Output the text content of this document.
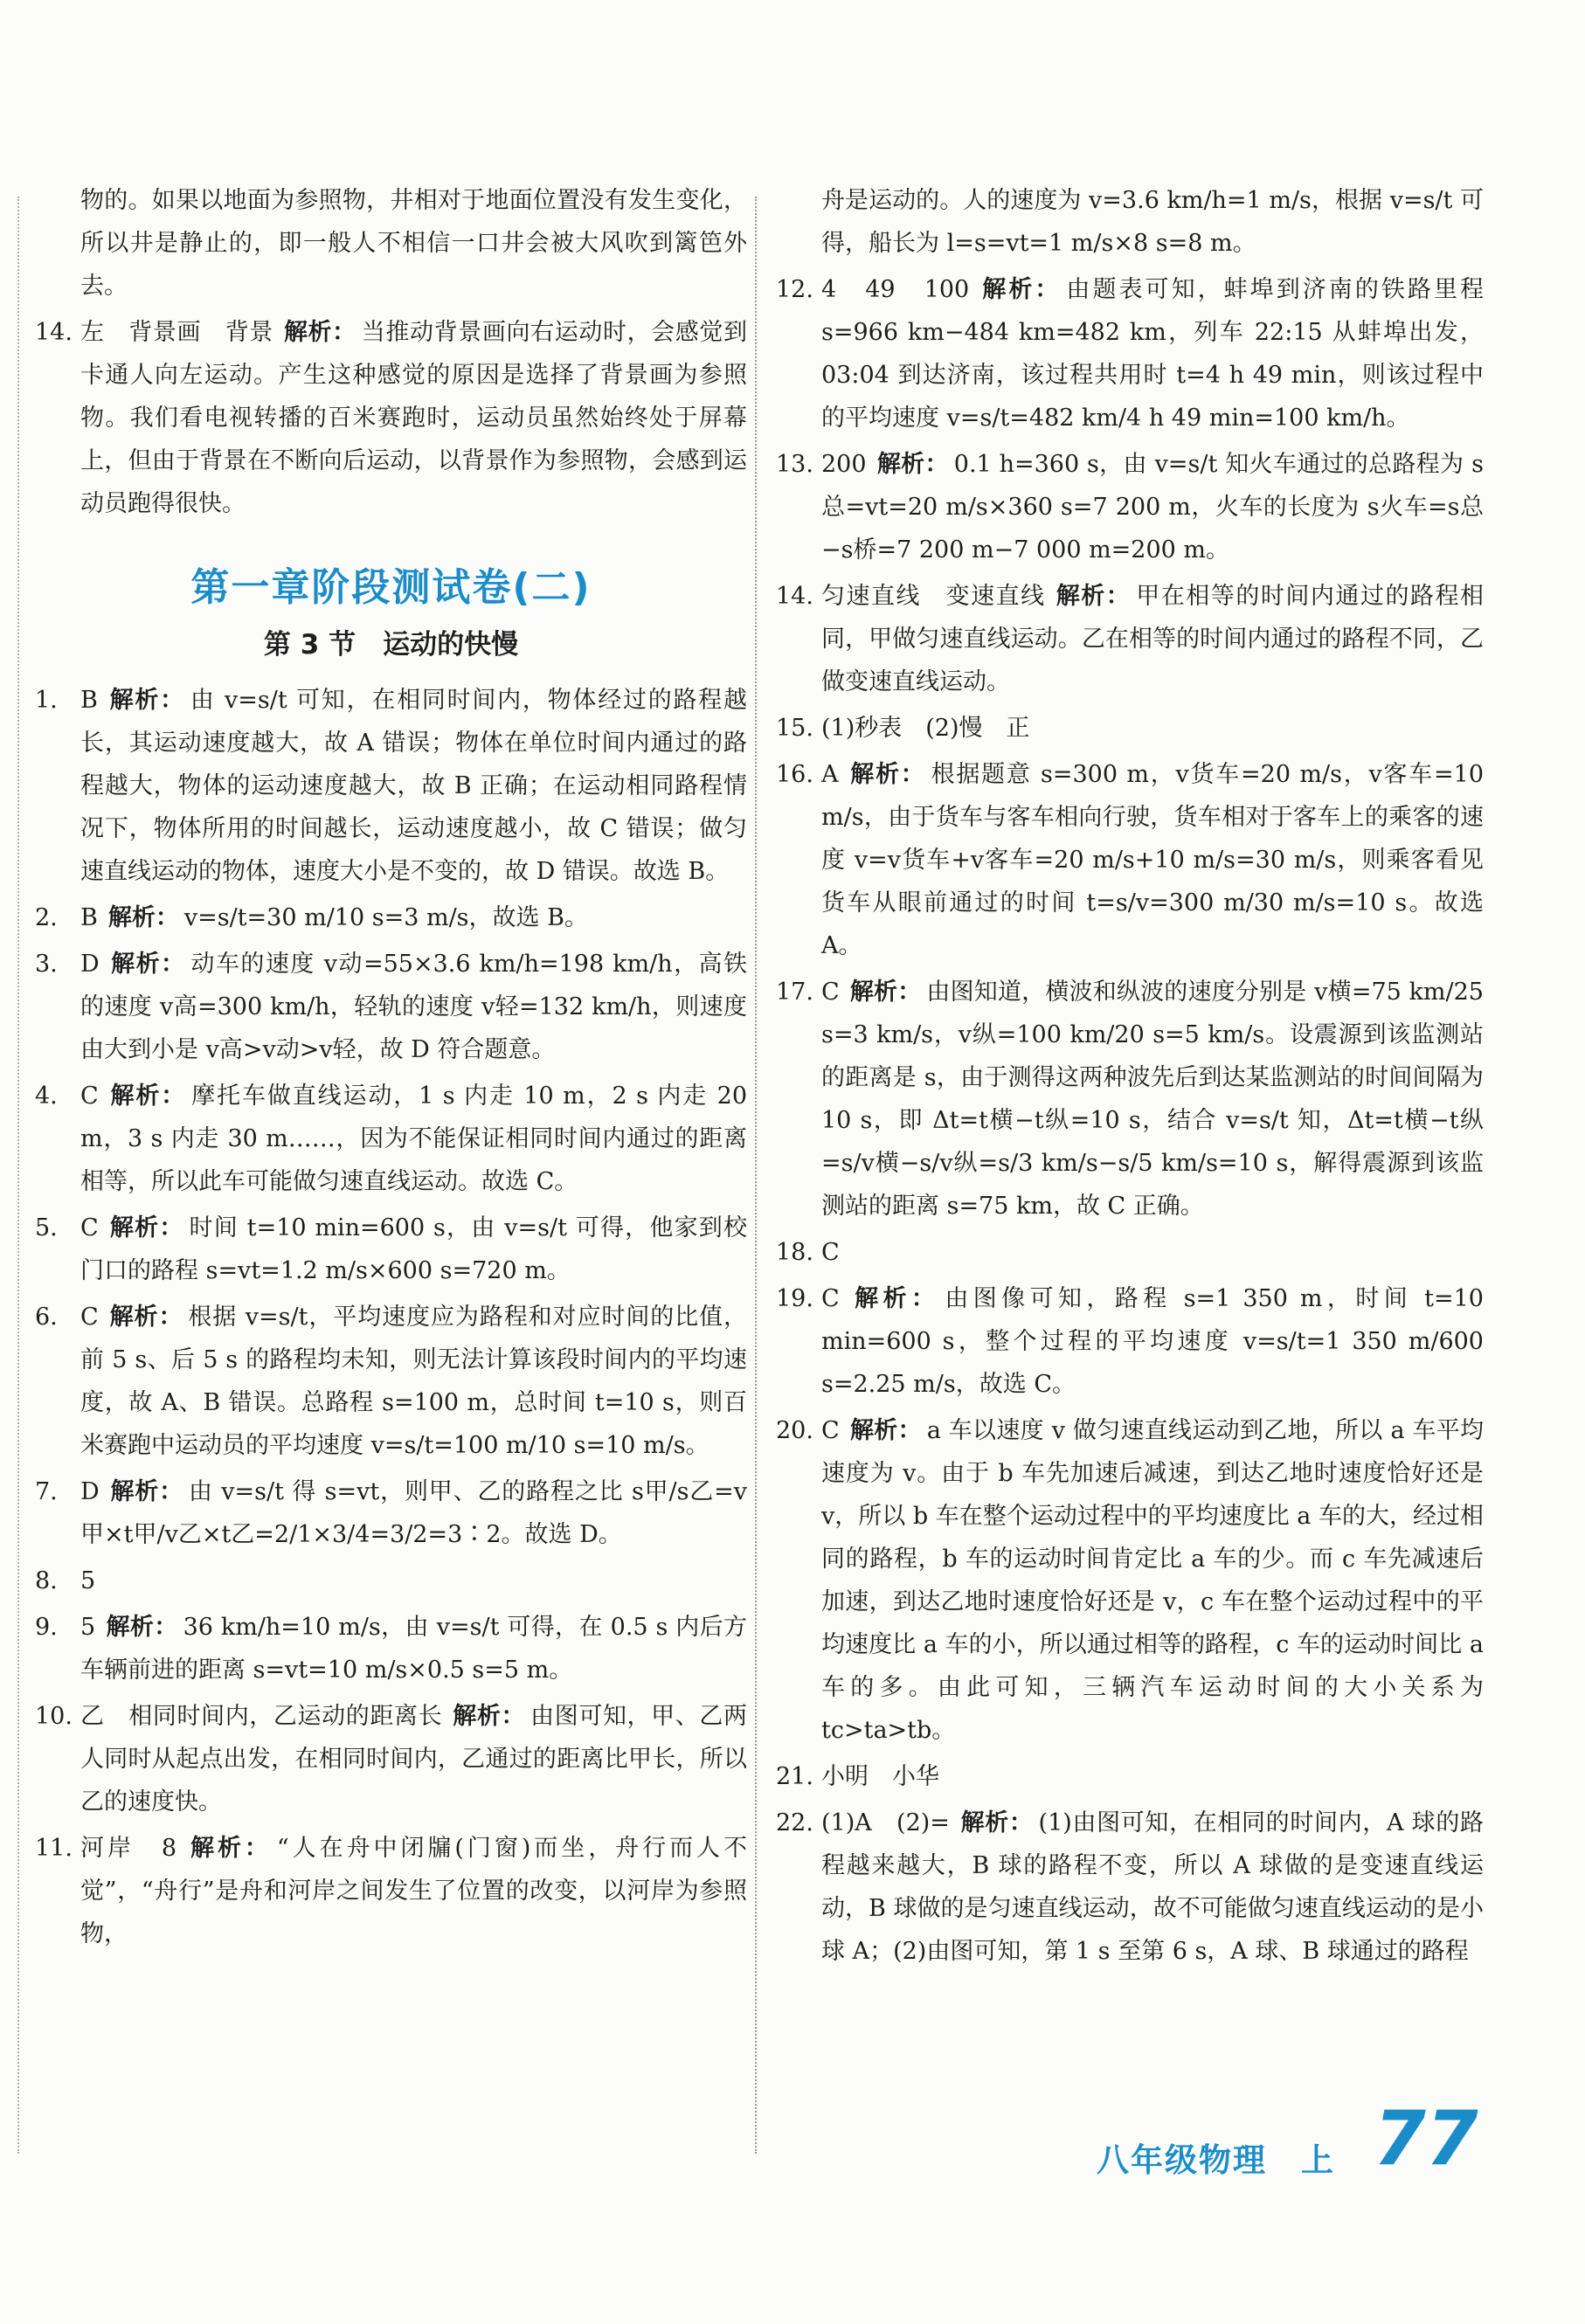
物的。如果以地面为参照物，井相对于地面位置没有发生变化，所以井是静止的，即一般人不相信一口井会被大风吹到篱笆外去。

14. 左　背景画　背景 解析： 当推动背景画向右运动时，会感觉到卡通人向左运动。产生这种感觉的原因是选择了背景画为参照物。我们看电视转播的百米赛跑时，运动员虽然始终处于屏幕上，但由于背景在不断向后运动，以背景作为参照物，会感到运动员跑得很快。
第一章阶段测试卷(二)
第 3 节　运动的快慢
1. B 解析： 由 v=s/t 可知，在相同时间内，物体经过的路程越长，其运动速度越大，故 A 错误；物体在单位时间内通过的路程越大，物体的运动速度越大，故 B 正确；在运动相同路程情况下，物体所用的时间越长，运动速度越小，故 C 错误；做匀速直线运动的物体，速度大小是不变的，故 D 错误。故选 B。
2. B 解析： v=s/t=30 m/10 s=3 m/s，故选 B。
3. D 解析： 动车的速度 v动=55×3.6 km/h=198 km/h，高铁的速度 v高=300 km/h，轻轨的速度 v轻=132 km/h，则速度由大到小是 v高>v动>v轻，故 D 符合题意。
4. C 解析： 摩托车做直线运动，1 s 内走 10 m，2 s 内走 20 m，3 s 内走 30 m……，因为不能保证相同时间内通过的距离相等，所以此车可能做匀速直线运动。故选 C。
5. C 解析： 时间 t=10 min=600 s，由 v=s/t 可得，他家到校门口的路程 s=vt=1.2 m/s×600 s=720 m。
6. C 解析： 根据 v=s/t，平均速度应为路程和对应时间的比值，前 5 s、后 5 s 的路程均未知，则无法计算该段时间内的平均速度，故 A、B 错误。总路程 s=100 m，总时间 t=10 s，则百米赛跑中运动员的平均速度 v=s/t=100 m/10 s=10 m/s。
7. D 解析： 由 v=s/t 得 s=vt，则甲、乙的路程之比 s甲/s乙=v甲×t甲/v乙×t乙=2/1×3/4=3/2=3∶2。故选 D。
8. 5
9. 5 解析： 36 km/h=10 m/s，由 v=s/t 可得，在 0.5 s 内后方车辆前进的距离 s=vt=10 m/s×0.5 s=5 m。
10. 乙　相同时间内，乙运动的距离长 解析： 由图可知，甲、乙两人同时从起点出发，在相同时间内，乙通过的距离比甲长，所以乙的速度快。
11. 河岸　8 解析： “人在舟中闭牖(门窗)而坐，舟行而人不觉”，“舟行”是舟和河岸之间发生了位置的改变，以河岸为参照物，

舟是运动的。人的速度为 v=3.6 km/h=1 m/s，根据 v=s/t 可得，船长为 l=s=vt=1 m/s×8 s=8 m。

12. 4　49　100 解析： 由题表可知，蚌埠到济南的铁路里程 s=966 km−484 km=482 km，列车 22:15 从蚌埠出发，03:04 到达济南，该过程共用时 t=4 h 49 min，则该过程中的平均速度 v=s/t=482 km/4 h 49 min=100 km/h。
13. 200 解析： 0.1 h=360 s，由 v=s/t 知火车通过的总路程为 s总=vt=20 m/s×360 s=7 200 m，火车的长度为 s火车=s总−s桥=7 200 m−7 000 m=200 m。
14. 匀速直线　变速直线 解析： 甲在相等的时间内通过的路程相同，甲做匀速直线运动。乙在相等的时间内通过的路程不同，乙做变速直线运动。
15. (1)秒表　(2)慢　正
16. A 解析： 根据题意 s=300 m，v货车=20 m/s，v客车=10 m/s，由于货车与客车相向行驶，货车相对于客车上的乘客的速度 v=v货车+v客车=20 m/s+10 m/s=30 m/s，则乘客看见货车从眼前通过的时间 t=s/v=300 m/30 m/s=10 s。故选 A。
17. C 解析： 由图知道，横波和纵波的速度分别是 v横=75 km/25 s=3 km/s，v纵=100 km/20 s=5 km/s。设震源到该监测站的距离是 s，由于测得这两种波先后到达某监测站的时间间隔为 10 s，即 Δt=t横−t纵=10 s，结合 v=s/t 知，Δt=t横−t纵=s/v横−s/v纵=s/3 km/s−s/5 km/s=10 s，解得震源到该监测站的距离 s=75 km，故 C 正确。
18. C
19. C 解析： 由图像可知，路程 s=1 350 m，时间 t=10 min=600 s，整个过程的平均速度 v=s/t=1 350 m/600 s=2.25 m/s，故选 C。
20. C 解析： a 车以速度 v 做匀速直线运动到乙地，所以 a 车平均速度为 v。由于 b 车先加速后减速，到达乙地时速度恰好还是 v，所以 b 车在整个运动过程中的平均速度比 a 车的大，经过相同的路程，b 车的运动时间肯定比 a 车的少。而 c 车先减速后加速，到达乙地时速度恰好还是 v，c 车在整个运动过程中的平均速度比 a 车的小，所以通过相等的路程，c 车的运动时间比 a 车的多。由此可知，三辆汽车运动时间的大小关系为 tc>ta>tb。
21. 小明　小华
22. (1)A　(2)= 解析： (1)由图可知，在相同的时间内，A 球的路程越来越大，B 球的路程不变，所以 A 球做的是变速直线运动，B 球做的是匀速直线运动，故不可能做匀速直线运动的是小球 A；(2)由图可知，第 1 s 至第 6 s，A 球、B 球通过的路程
八年级物理　上 77
